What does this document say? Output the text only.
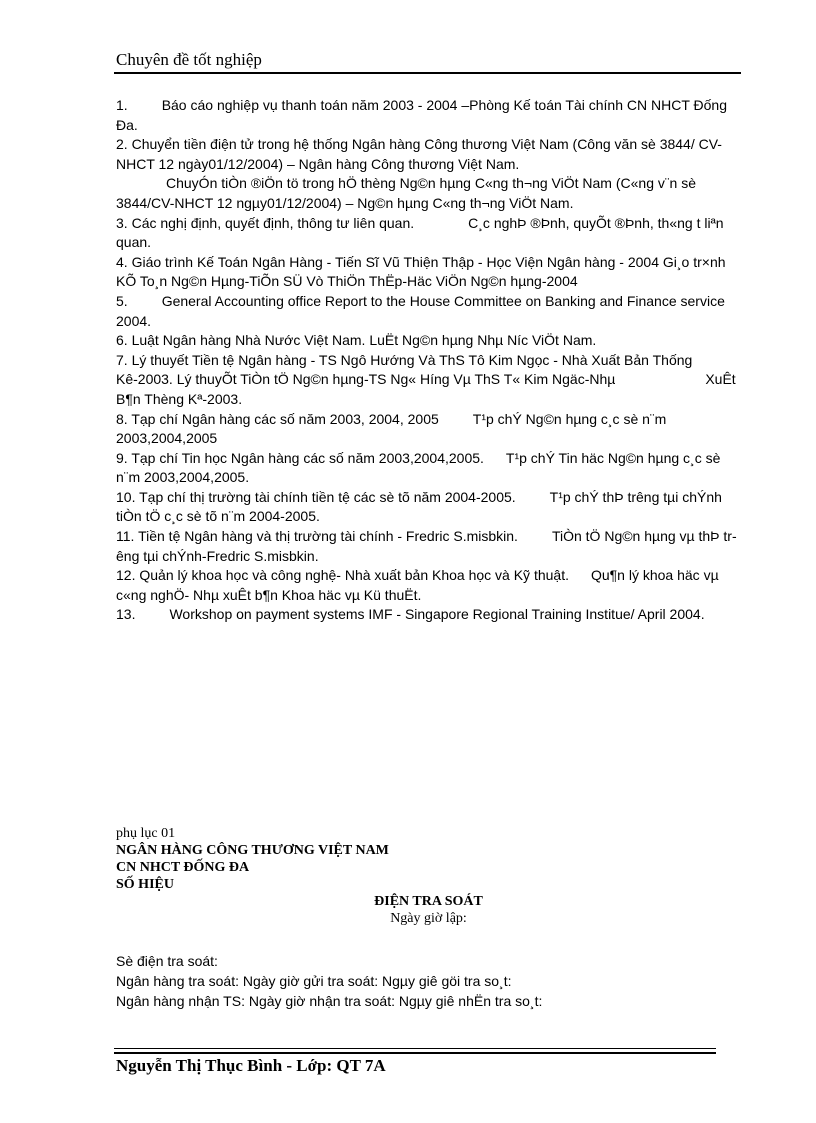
Chuyên đề tốt nghiệp

1. Báo cáo nghiệp vụ thanh toán năm 2003 - 2004 –Phòng Kế toán Tài chính CN NHCT Đống Đa.

2. Chuyển tiền điện tử trong hệ thống Ngân hàng Công thương Việt Nam (Công văn sè 3844/ CV-NHCT 12 ngày01/12/2004) – Ngân hàng Công thương Việt Nam.

ChuyÓn tiÒn ®iÖn tö trong hÖ thèng Ng©n hµng C«ng th¬ng ViÖt Nam (C«ng v¨n sè 3844/CV-NHCT 12 ngµy01/12/2004) – Ng©n hµng C«ng th¬ng ViÖt Nam.

3. Các nghị định, quyết định, thông tư liên quan.	C¸c nghÞ ®Þnh, quyÕt ®Þnh, th«ng t liªn quan.

4. Giáo trình Kế Toán Ngân Hàng - Tiến Sĩ Vũ Thiện Thập - Học Viện Ngân hàng - 2004 Gi¸o tr×nh KÕ To¸n Ng©n Hµng-TiÕn SÜ Vò ThiÖn ThËp-Häc ViÖn Ng©n hµng-2004

5. General Accounting office Report to the House Committee on Banking and Finance service 2004.

6. Luật Ngân hàng Nhà Nước Việt Nam. LuËt Ng©n hµng Nhµ Níc ViÖt Nam.

7. Lý thuyết Tiền tệ Ngân hàng - TS Ngô Hướng Và ThS Tô Kim Ngọc - Nhà Xuất Bản Thống Kê-2003. Lý thuyÕt TiÒn tÖ Ng©n hµng-TS Ng« Híng Vµ ThS T« Kim Ngäc-Nhµ	XuÊt B¶n Thèng Kª-2003.

8. Tạp chí Ngân hàng các số năm 2003, 2004, 2005 T¹p chÝ Ng©n hµng c¸c sè n¨m 2003,2004,2005

9. Tạp chí Tin học Ngân hàng các số năm 2003,2004,2005. T¹p chÝ Tin häc Ng©n hµng c¸c sè n¨m 2003,2004,2005.

10. Tạp chí thị trường tài chính tiền tệ các sè tõ năm 2004-2005. T¹p chÝ thÞ trêng tµi chÝnh tiÒn tÖ c¸c sè tõ n¨m 2004-2005.

11. Tiền tệ Ngân hàng và thị trường tài chính - Fredric S.misbkin. TiÒn tÖ Ng©n hµng vµ thÞ trêng tµi chÝnh-Fredric S.misbkin.

12. Quản lý khoa học và công nghệ- Nhà xuất bản Khoa học và Kỹ thuật. Qu¶n lý khoa häc vµ c«ng nghÖ- Nhµ xuÊt b¶n Khoa häc vµ Kü thuËt.

13. Workshop on payment systems IMF - Singapore Regional Training Institue/ April 2004.

phụ lục 01

NGÂN HÀNG CÔNG THƯƠNG VIỆT NAM

CN NHCT ĐỐNG ĐA

SỐ HIỆU

ĐIỆN TRA SOÁT

Ngày giờ lập:

Sè điện tra soát:

Ngân hàng tra soát: Ngày giờ gửi tra soát: Ngµy giê göi tra so¸t:

Ngân hàng nhận TS: Ngày giờ nhận tra soát: Ngµy giê nhËn tra so¸t:

Nguyễn Thị Thục Bình - Lớp: QT 7A
